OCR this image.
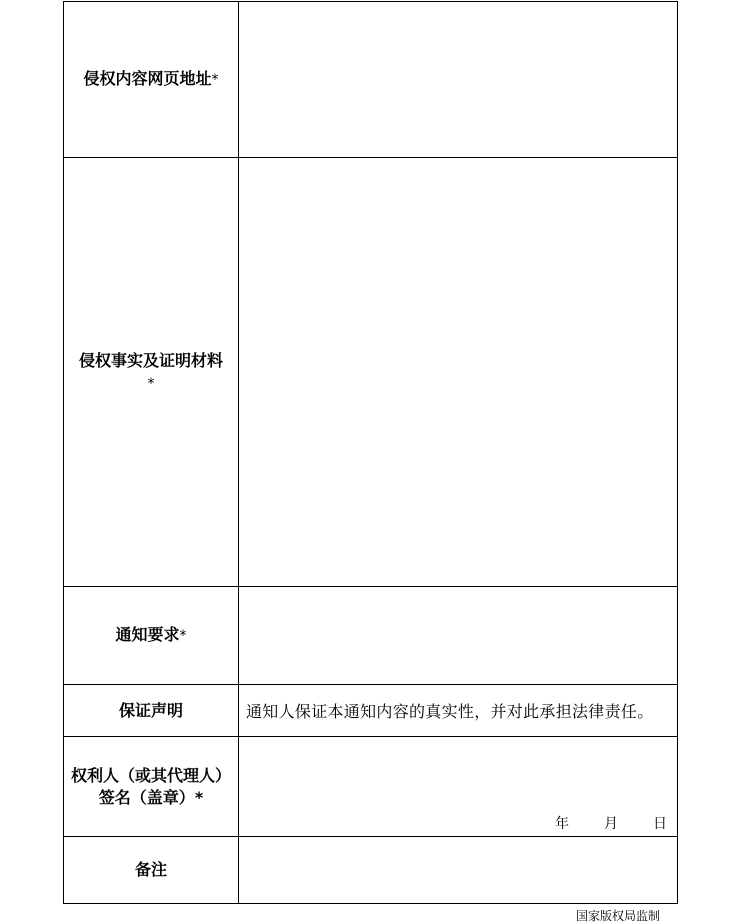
侵权内容网页地址*	
侵权事实及证明材料
*	
通知要求*	
保证声明	通知人保证本通知内容的真实性，并对此承担法律责任。

权利人（或其代理人）
签名（盖章）*	年 月 日

备注	
国家版权局监制
